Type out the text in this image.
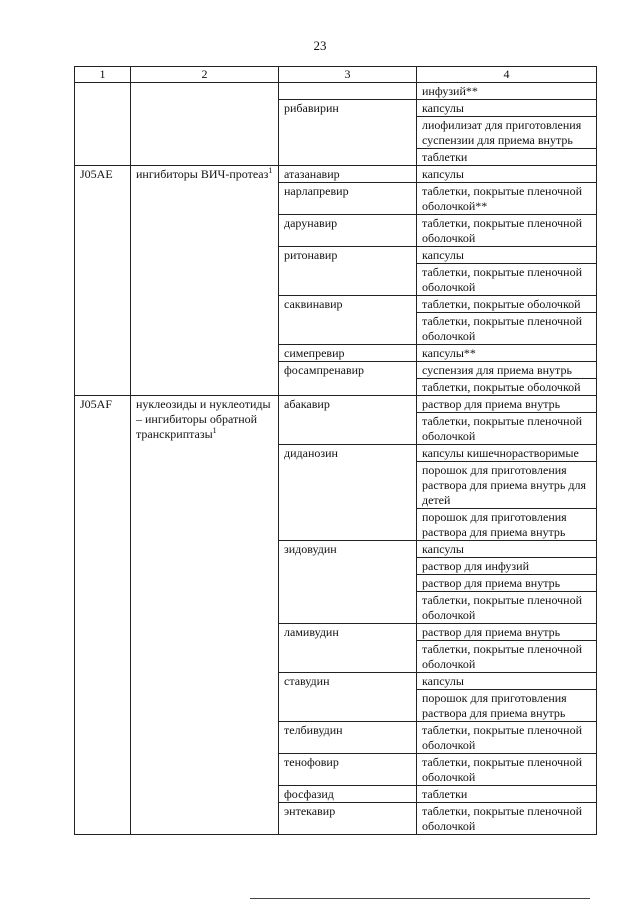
23
1	2	3	4
			инфузий**
		рибавирин	капсулы
			лиофилизат для приготовления суспензии для приема внутрь
			таблетки
J05AE	ингибиторы ВИЧ-протеаз$^1$	атазанавир	капсулы
		нарлапревир	таблетки, покрытые пленочной оболочкой**
		дарунавир	таблетки, покрытые пленочной оболочкой
		ритонавир	капсулы
			таблетки, покрытые пленочной оболочкой
		саквинавир	таблетки, покрытые оболочкой
			таблетки, покрытые пленочной оболочкой
		симепревир	капсулы**
		фосампренавир	суспензия для приема внутрь
			таблетки, покрытые оболочкой
J05AF	нуклеозиды и нуклеотиды – ингибиторы обратной транскриптазы$^1$	абакавир	раствор для приема внутрь
			таблетки, покрытые пленочной оболочкой
		диданозин	капсулы кишечнорастворимые
			порошок для приготовления раствора для приема внутрь для детей
			порошок для приготовления раствора для приема внутрь
		зидовудин	капсулы
			раствор для инфузий
			раствор для приема внутрь
			таблетки, покрытые пленочной оболочкой
		ламивудин	раствор для приема внутрь
			таблетки, покрытые пленочной оболочкой
		ставудин	капсулы
			порошок для приготовления раствора для приема внутрь
		телбивудин	таблетки, покрытые пленочной оболочкой
		тенофовир	таблетки, покрытые пленочной оболочкой
		фосфазид	таблетки
		энтекавир	таблетки, покрытые пленочной оболочкой
